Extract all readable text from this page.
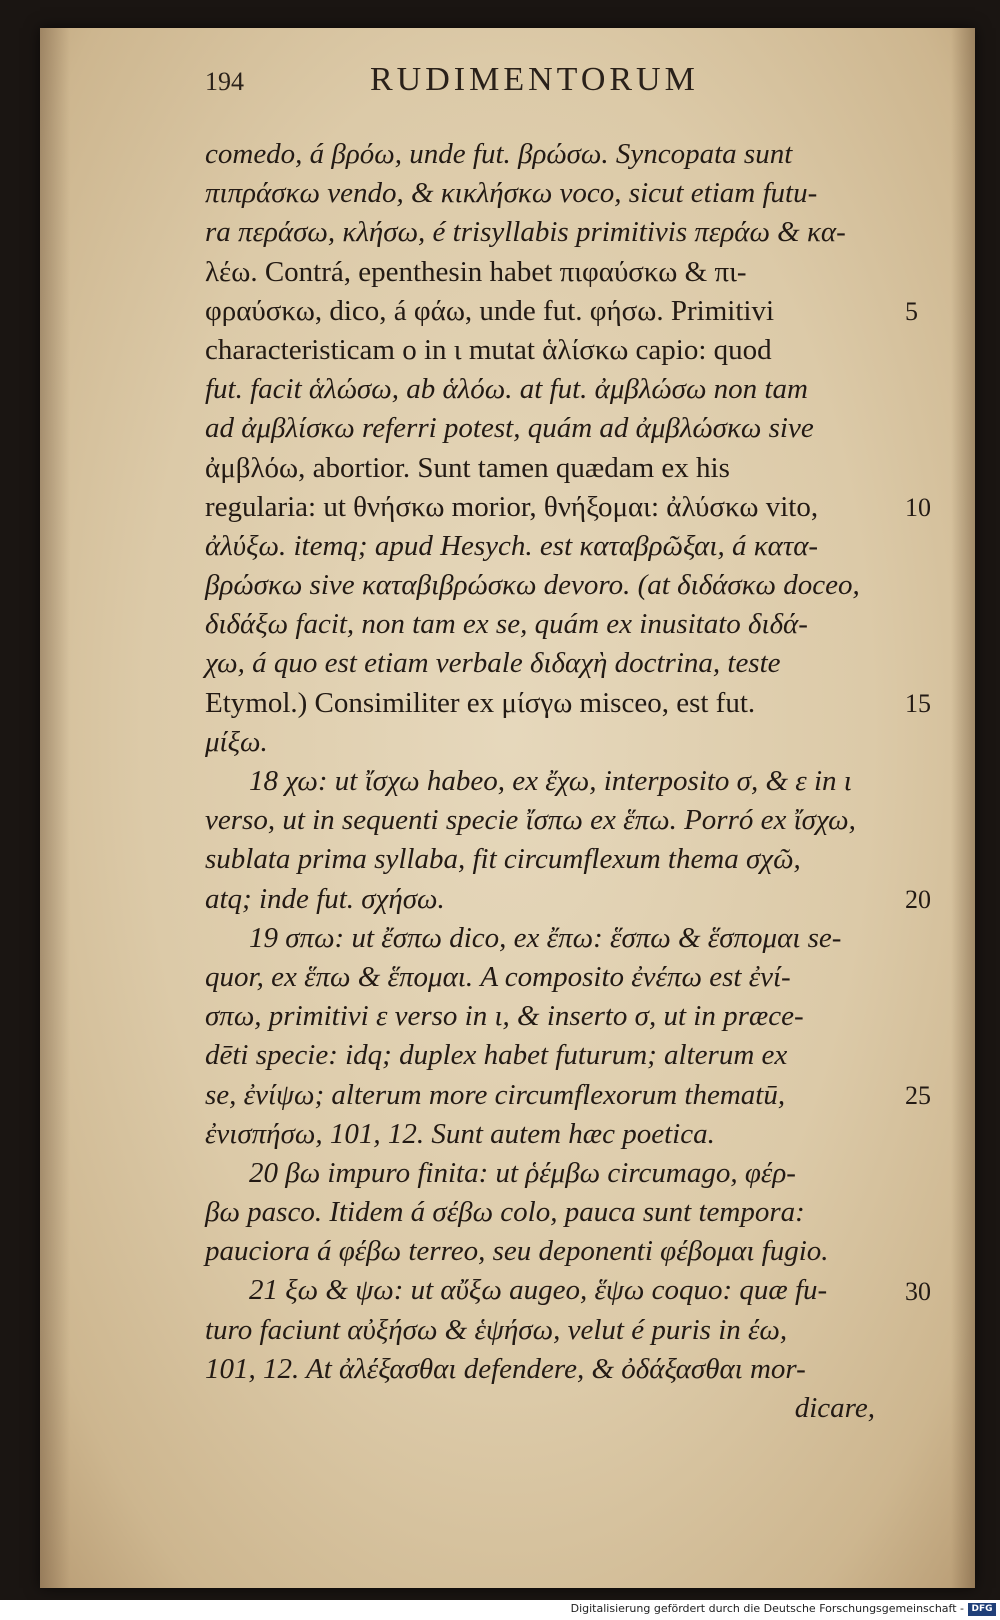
194	RUDIMENTORUM
comedo, á βρόω, unde fut. βρώσω. Syncopata sunt
πιπράσκω vendo, & κικλήσκω voco, sicut etiam futu-
ra περάσω, κλήσω, é trisyllabis primitivis περάω & κα-
λέω. Contrá, epenthesin habet πιφαύσκω & πι-
φραύσκω, dico, á φάω, unde fut. φήσω. Primitivi
characteristicam ο in ι mutat ἁλίσκω capio: quod
fut. facit ἁλώσω, ab ἁλόω. at fut. ἀμβλώσω non tam
ad ἀμβλίσκω referri potest, quám ad ἀμβλώσκω sive
ἀμβλόω, abortior. Sunt tamen quædam ex his
regularia: ut θνήσκω morior, θνήξομαι: ἀλύσκω vito,
ἀλύξω. itemq; apud Hesych. est καταβρῶξαι, á κατα-
βρώσκω sive καταβιβρώσκω devoro. (at διδάσκω doceo,
διδάξω facit, non tam ex se, quám ex inusitato διδά-
χω, á quo est etiam verbale διδαχὴ doctrina, teste
Etymol.) Consimiliter ex μίσγω misceo, est fut.
μίξω.
18 χω: ut ἴσχω habeo, ex ἔχω, interposito σ, & ε in ι
verso, ut in sequenti specie ἴσπω ex ἕπω. Porró ex ἴσχω,
sublata prima syllaba, fit circumflexum thema σχῶ,
atq; inde fut. σχήσω.
19 σπω: ut ἔσπω dico, ex ἔπω: ἕσπω & ἕσπομαι se-
quor, ex ἕπω & ἕπομαι. A composito ἐνέπω est ἐνί-
σπω, primitivi ε verso in ι, & inserto σ, ut in præce-
dēti specie: idq; duplex habet futurum; alterum ex
se, ἐνίψω; alterum more circumflexorum thematū,
ἐνισπήσω, 101, 12. Sunt autem hæc poetica.
20 βω impuro finita: ut ῥέμβω circumago, φέρ-
βω pasco. Itidem á σέβω colo, pauca sunt tempora:
pauciora á φέβω terreo, seu deponenti φέβομαι fugio.
21 ξω & ψω: ut αὔξω augeo, ἕψω coquo: quæ fu-
turo faciunt αὐξήσω & ἑψήσω, velut é puris in έω,
101, 12. At ἀλέξασθαι defendere, & ὀδάξασθαι mor-
dicare,
5
10
15
20
25
30
Digitalisierung gefördert durch die Deutsche Forschungsgemeinschaft - DFG
